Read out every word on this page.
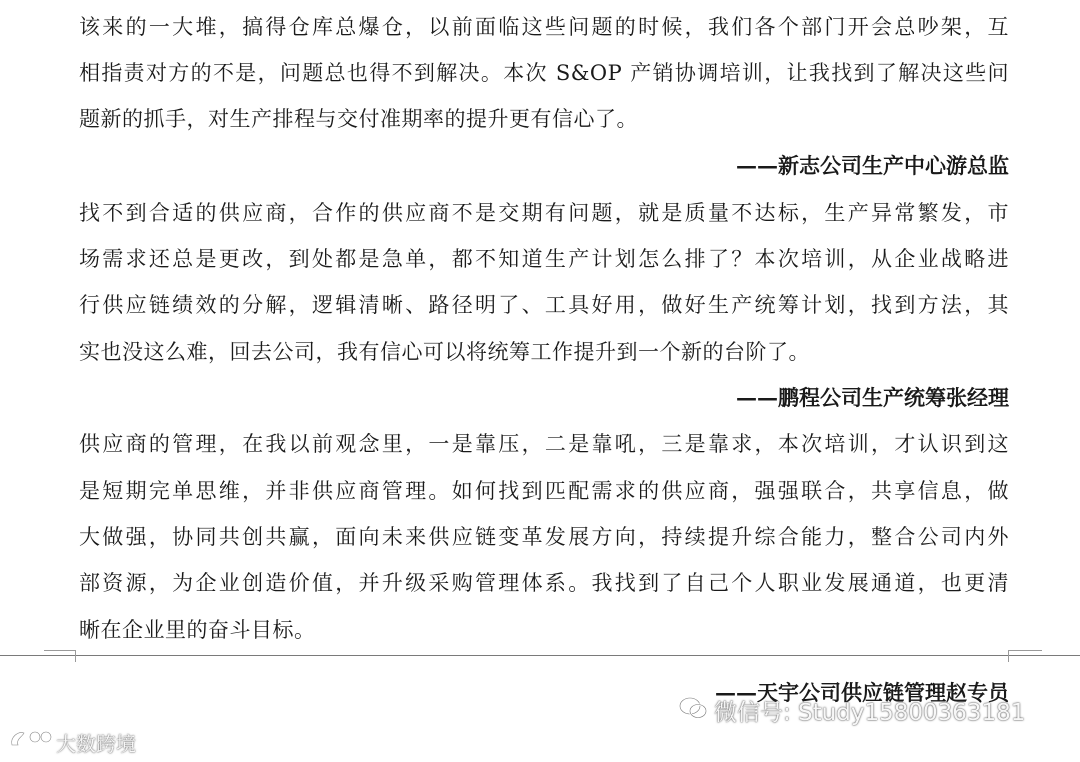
该来的一大堆，搞得仓库总爆仓，以前面临这些问题的时候，我们各个部门开会总吵架，互
相指责对方的不是，问题总也得不到解决。本次 S&OP 产销协调培训，让我找到了解决这些问
题新的抓手，对生产排程与交付准期率的提升更有信心了。
——新志公司生产中心游总监
找不到合适的供应商，合作的供应商不是交期有问题，就是质量不达标，生产异常繁发，市
场需求还总是更改，到处都是急单，都不知道生产计划怎么排了？本次培训，从企业战略进
行供应链绩效的分解，逻辑清晰、路径明了、工具好用，做好生产统筹计划，找到方法，其
实也没这么难，回去公司，我有信心可以将统筹工作提升到一个新的台阶了。
——鹏程公司生产统筹张经理
供应商的管理，在我以前观念里，一是靠压，二是靠吼，三是靠求，本次培训，才认识到这
是短期完单思维，并非供应商管理。如何找到匹配需求的供应商，强强联合，共享信息，做
大做强，协同共创共赢，面向未来供应链变革发展方向，持续提升综合能力，整合公司内外
部资源，为企业创造价值，并升级采购管理体系。我找到了自己个人职业发展通道，也更清
晰在企业里的奋斗目标。
——天宇公司供应链管理赵专员
大数跨境
微信号: Study15800363181
